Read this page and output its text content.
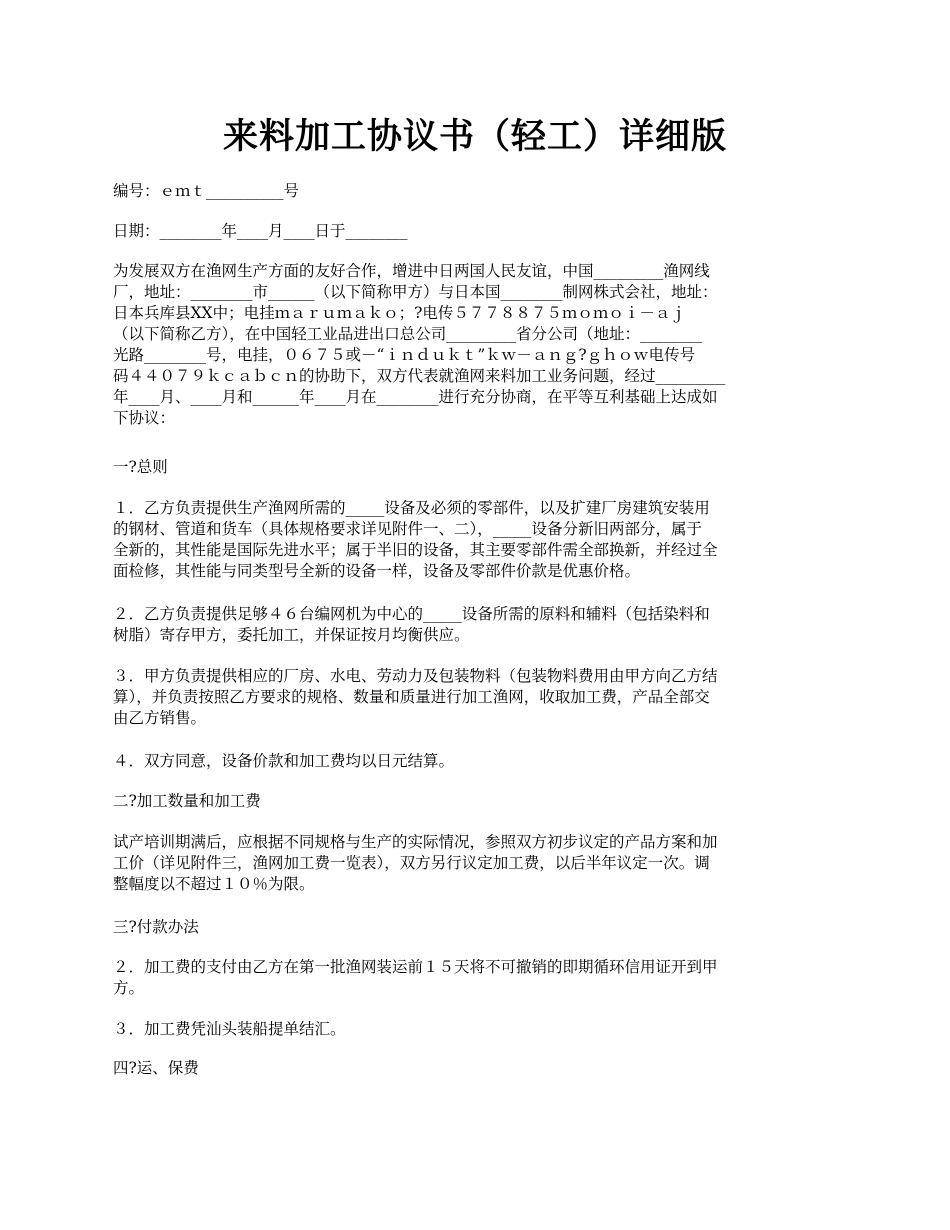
来料加工协议书（轻工）详细版

编号：ｅｍｔ__________号

日期：________年____月____日于________

为发展双方在渔网生产方面的友好合作，增进中日两国人民友谊，中国_________渔网线
厂，地址：________市______（以下简称甲方）与日本国________制网株式会社，地址：
日本兵库县XX中；电挂ｍａｒｕｍａｋｏ；?电传５７７８８７５ｍｏｍｏｉ－ａｊ
（以下简称乙方），在中国轻工业品进出口总公司_________省分公司（地址：________
光路________号，电挂，０６７５或－“ｉｎｄｕｋｔ”ｋｗ－ａｎｇ?ｇｈｏｗ电传号
码４４０７９ｋｃａｂｃｎ的协助下，双方代表就渔网来料加工业务问题，经过_________
年____月、____月和______年____月在________进行充分协商，在平等互利基础上达成如
下协议：

一?总则

１．乙方负责提供生产渔网所需的_____设备及必须的零部件，以及扩建厂房建筑安装用
的钢材、管道和货车（具体规格要求详见附件一、二），_____设备分新旧两部分，属于
全新的，其性能是国际先进水平；属于半旧的设备，其主要零部件需全部换新，并经过全
面检修，其性能与同类型号全新的设备一样，设备及零部件价款是优惠价格。
２．乙方负责提供足够４６台编网机为中心的_____设备所需的原料和辅料（包括染料和
树脂）寄存甲方，委托加工，并保证按月均衡供应。
３．甲方负责提供相应的厂房、水电、劳动力及包装物料（包装物料费用由甲方向乙方结
算），并负责按照乙方要求的规格、数量和质量进行加工渔网，收取加工费，产品全部交
由乙方销售。

４．双方同意，设备价款和加工费均以日元结算。

二?加工数量和加工费

试产培训期满后，应根据不同规格与生产的实际情况，参照双方初步议定的产品方案和加
工价（详见附件三，渔网加工费一览表），双方另行议定加工费，以后半年议定一次。调
整幅度以不超过１０％为限。

三?付款办法

２．加工费的支付由乙方在第一批渔网装运前１５天将不可撤销的即期循环信用证开到甲
方。

３．加工费凭汕头装船提单结汇。

四?运、保费
